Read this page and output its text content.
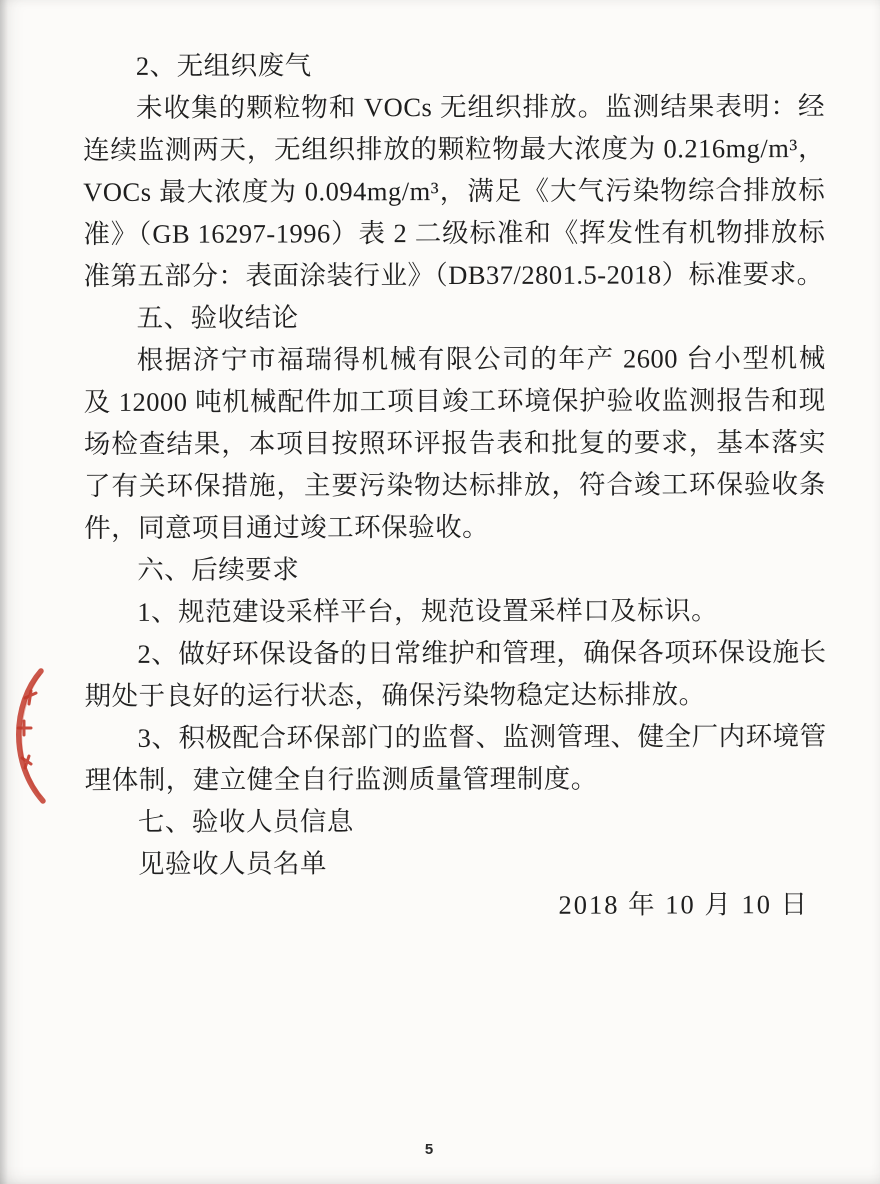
2、无组织废气

未收集的颗粒物和 VOCs 无组织排放。监测结果表明：经连续监测两天，无组织排放的颗粒物最大浓度为 0.216mg/m³，VOCs 最大浓度为 0.094mg/m³，满足《大气污染物综合排放标准》（GB 16297-1996）表 2 二级标准和《挥发性有机物排放标准第五部分：表面涂装行业》（DB37/2801.5-2018）标准要求。

五、验收结论

根据济宁市福瑞得机械有限公司的年产 2600 台小型机械及 12000 吨机械配件加工项目竣工环境保护验收监测报告和现场检查结果，本项目按照环评报告表和批复的要求，基本落实了有关环保措施，主要污染物达标排放，符合竣工环保验收条件，同意项目通过竣工环保验收。

六、后续要求

1、规范建设采样平台，规范设置采样口及标识。

2、做好环保设备的日常维护和管理，确保各项环保设施长期处于良好的运行状态，确保污染物稳定达标排放。

3、积极配合环保部门的监督、监测管理、健全厂内环境管理体制，建立健全自行监测质量管理制度。

七、验收人员信息

见验收人员名单

2018 年 10 月 10 日

5
